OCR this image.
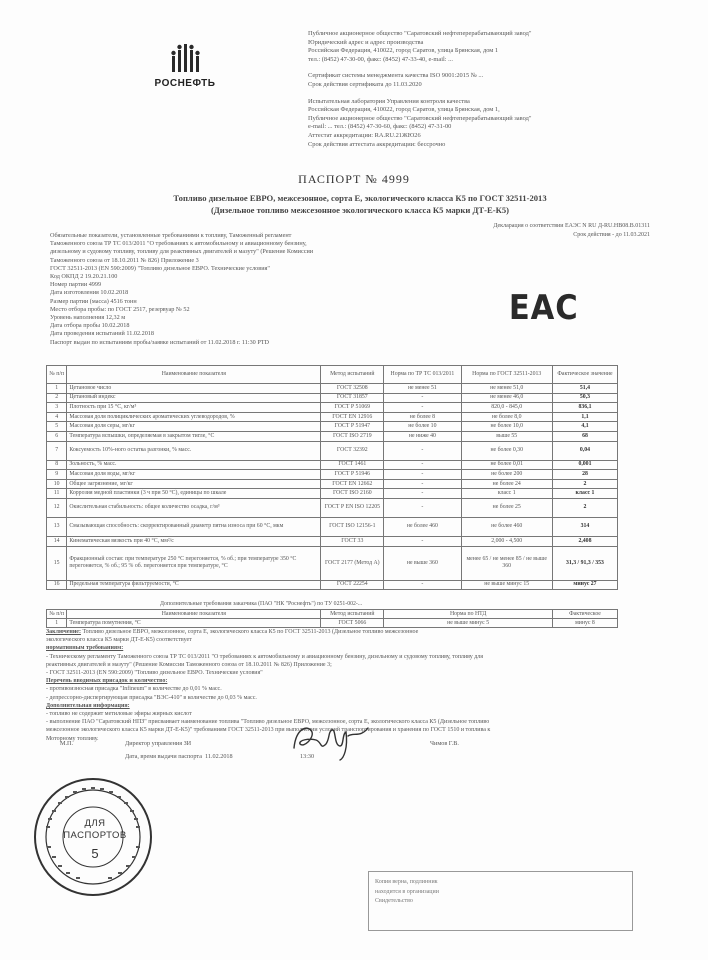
РОСНЕФТЬ
Публичное акционерное общество "Саратовский нефтеперерабатывающий завод"
Юридический адрес и адрес производства
Российская Федерация, 410022, город Саратов, улица Брянская, дом 1
тел.: (8452) 47-30-00, факс: (8452) 47-33-40, e-mail: ...
Сертификат системы менеджмента качества ISO 9001:2015 № ...
Срок действия сертификата до 11.03.2020
Испытательная лаборатория Управления контроля качества
Российская Федерация, 410022, город Саратов, улица Брянская, дом 1,
Публичное акционерное общество "Саратовский нефтеперерабатывающий завод"
e-mail: ... тел.: (8452) 47-30-60, факс: (8452) 47-31-00
Аттестат аккредитации: RA.RU.21ЖЮ26
Срок действия аттестата аккредитации: бессрочно
ПАСПОРТ № 4999
Топливо дизельное ЕВРО, межсезонное, сорта Е, экологического класса К5 по ГОСТ 32511-2013
(Дизельное топливо межсезонное экологического класса К5 марки ДТ-Е-К5)
Декларация о соответствии ЕАЭС N RU Д-RU.НВ08.В.01311
Срок действия - до 11.03.2021
Обязательные показатели, установленные требованиями к топливу, Таможенный регламент
Таможенного союза ТР ТС 013/2011 "О требованиях к автомобильному и авиационному бензину,
дизельному и судовому топливу, топливу для реактивных двигателей и мазуту" (Решение Комиссии
Таможенного союза от 18.10.2011 № 826) Приложение 3
ГОСТ 32511-2013 (EN 590:2009) "Топливо дизельное ЕВРО. Технические условия"
Код ОКПД 2 19.20.21.100
Номер партии 4999
Дата изготовления 10.02.2018
Размер партии (масса) 4516 тонн
Место отбора пробы: по ГОСТ 2517, резервуар № 52
Уровень наполнения 12,32 м
Дата отбора пробы 10.02.2018
Дата проведения испытаний 11.02.2018
Паспорт выдан по испытаниям пробы/заявке испытаний от 11.02.2018 г. 11:30 PTD
ЕАС
№ п/п	Наименование показателя	Метод испытаний	Норма по ТР ТС 013/2011	Норма по ГОСТ 32511-2013	Фактическое значение
1	Цетановое число	ГОСТ 32508	не менее 51	не менее 51,0	51,4
2	Цетановый индекс	ГОСТ 31857	-	не менее 46,0	50,3
3	Плотность при 15 °С, кг/м³	ГОСТ Р 51069	-	820,0 - 845,0	836,1
4	Массовая доля полициклических ароматических углеводородов, %	ГОСТ EN 12916	не более 8	не более 8,0	1,1
5	Массовая доля серы, мг/кг	ГОСТ Р 51947	не более 10	не более 10,0	4,1
6	Температура вспышки, определяемая в закрытом тигле, °С	ГОСТ ISO 2719	не ниже 40	выше 55	68
7	Коксуемость 10%-ного остатка разгонки, % масс.	ГОСТ 32392	-	не более 0,30	0,04
8	Зольность, % масс.	ГОСТ 1461	-	не более 0,01	0,001
9	Массовая доля воды, мг/кг	ГОСТ Р 51946	-	не более 200	28
10	Общее загрязнение, мг/кг	ГОСТ EN 12662	-	не более 24	2
11	Коррозия медной пластинки (3 ч при 50 °С), единицы по шкале	ГОСТ ISO 2160	-	класс 1	класс 1
12	Окислительная стабильность: общее количество осадка, г/м³	ГОСТ Р EN ISO 12205	-	не более 25	2
13	Смазывающая способность: скорректированный диаметр пятна износа при 60 °С, мкм	ГОСТ ISO 12156-1	не более 460	не более 460	314
14	Кинематическая вязкость при 40 °С, мм²/с	ГОСТ 33	-	2,000 - 4,500	2,408
15	Фракционный состав: при температуре 250 °С перегоняется, % об.; при температуре 350 °С перегоняется, % об.; 95 % об. перегоняется при температуре, °С	ГОСТ 2177 (Метод А)	не выше 360	менее 65 / не менее 85 / не выше 360	31,3 / 91,3 / 353
16	Предельная температура фильтруемости, °С	ГОСТ 22254	-	не выше минус 15	минус 27
Дополнительные требования заказчика (ПАО "НК "Роснефть") по ТУ 0251-002-...
№ п/п	Наименование показателя	Метод испытаний	Норма по НТД	Фактическое
1	Температура помутнения, °С	ГОСТ 5066	не выше минус 5	минус 8
Заключение: Топливо дизельное ЕВРО, межсезонное, сорта Е, экологического класса К5 по ГОСТ 32511-2013 (Дизельное топливо межсезонное
экологического класса К5 марки ДТ-Е-К5) соответствует
нормативным требованиям:
- Техническому регламенту Таможенного союза ТР ТС 013/2011 "О требованиях к автомобильному и авиационному бензину, дизельному и судовому топливу, топливу для
реактивных двигателей и мазуту" (Решение Комиссии Таможенного союза от 18.10.2011 № 826) Приложение 3;
- ГОСТ 32511-2013 (EN 590:2009) "Топливо дизельное ЕВРО. Технические условия"
Перечень вводимых присадок и количество:
- противоизносная присадка "Infineum" в количестве до 0,01 % масс.
- депрессорно-диспергирующая присадка "ВЭС-410" в количестве до 0,03 % масс.
Дополнительная информация:
- топливо не содержит метиловые эфиры жирных кислот
- выполнение ПАО "Саратовский НПЗ" присваивает наименование топлива "Топливо дизельное ЕВРО, межсезонное, сорта Е, экологического класса К5 (Дизельное топливо
межсезонное экологического класса К5 марки ДТ-Е-К5)" требованиям ГОСТ 32511-2013 при выполнении условий транспортирования и хранения по ГОСТ 1510 и топлива к
Моторному топливу.
М.П.	Директор управления ЗИ
Дата, время выдачи паспорта 11.02.2018	13:30
Чимов Г.В.
ДЛЯ
ПАСПОРТОВ
5
Копия верна, подлинник
находится в организации
Свидетельство
